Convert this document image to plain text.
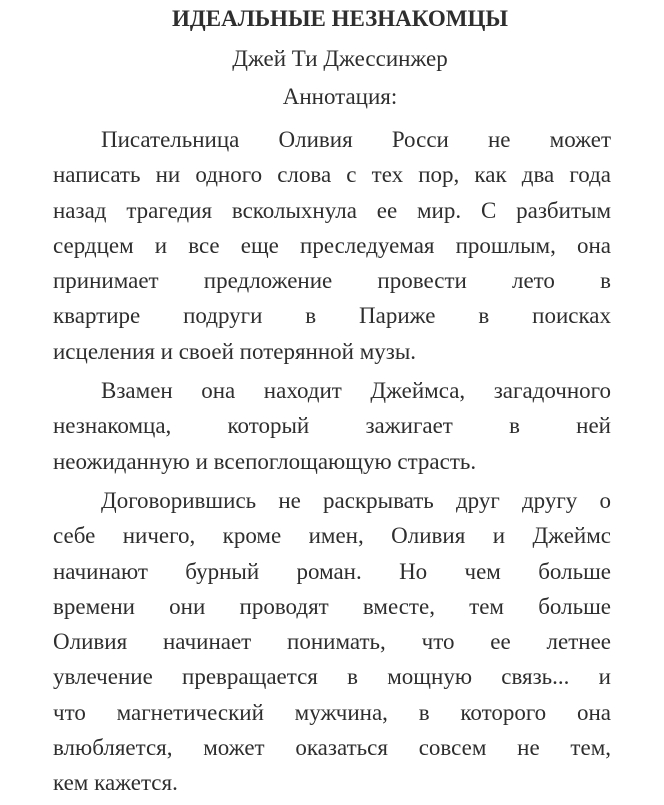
ИДЕАЛЬНЫЕ НЕЗНАКОМЦЫ
Джей Ти Джессинжер
Аннотация:
Писательница Оливия Росси не может
написать ни одного слова с тех пор, как два года
назад трагедия всколыхнула ее мир. С разбитым
сердцем и все еще преследуемая прошлым, она
принимает предложение провести лето в
квартире подруги в Париже в поисках
исцеления и своей потерянной музы.
Взамен она находит Джеймса, загадочного
незнакомца, который зажигает в ней
неожиданную и всепоглощающую страсть.
Договорившись не раскрывать друг другу о
себе ничего, кроме имен, Оливия и Джеймс
начинают бурный роман. Но чем больше
времени они проводят вместе, тем больше
Оливия начинает понимать, что ее летнее
увлечение превращается в мощную связь... и
что магнетический мужчина, в которого она
влюбляется, может оказаться совсем не тем,
кем кажется.
